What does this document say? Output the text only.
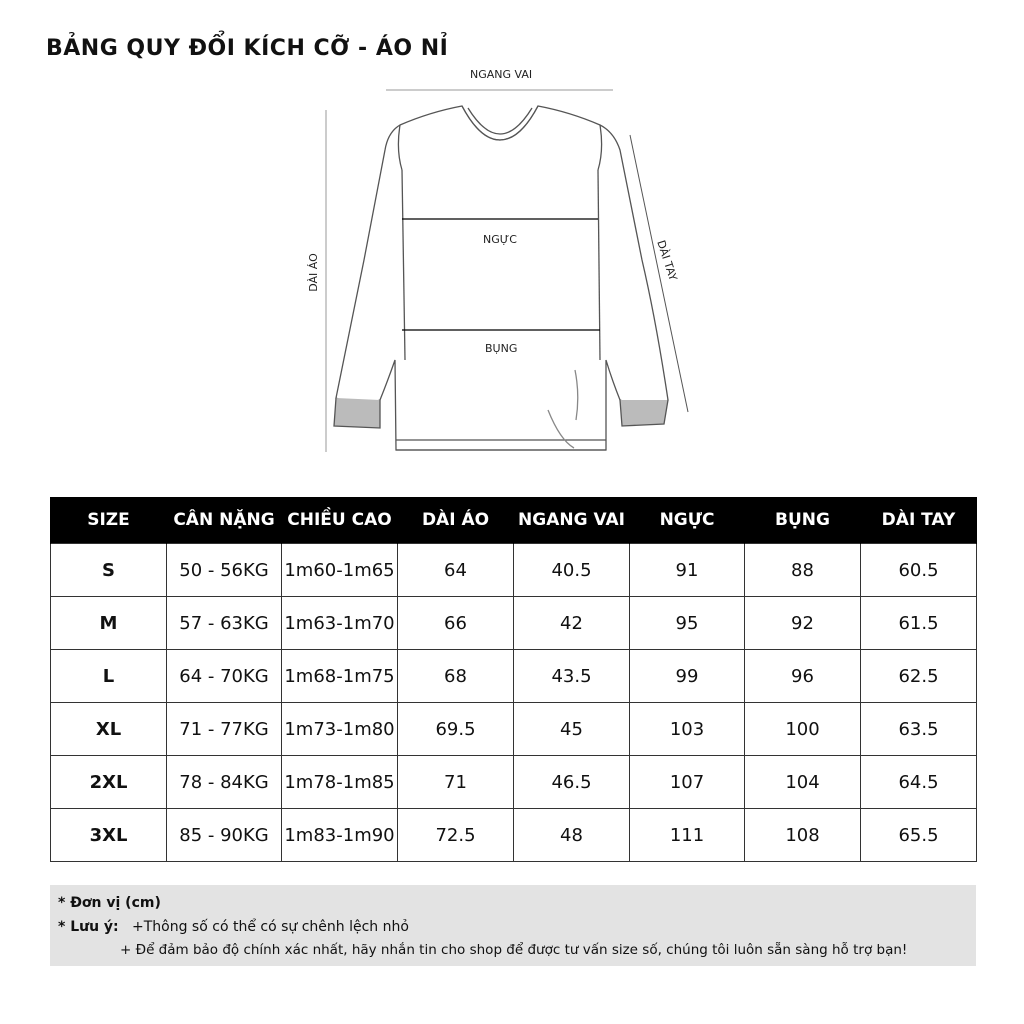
BẢNG QUY ĐỔI KÍCH CỠ - ÁO NỈ
NGANG VAI
DÀI ÁO	DÀI TAY
NGỰC
BỤNG
SIZE	CÂN NẶNG	CHIỀU CAO	DÀI ÁO	NGANG VAI	NGỰC	BỤNG	DÀI TAY
S	50 - 56KG	1m60-1m65	64	40.5	91	88	60.5
M	57 - 63KG	1m63-1m70	66	42	95	92	61.5
L	64 - 70KG	1m68-1m75	68	43.5	99	96	62.5
XL	71 - 77KG	1m73-1m80	69.5	45	103	100	63.5
2XL	78 - 84KG	1m78-1m85	71	46.5	107	104	64.5
3XL	85 - 90KG	1m83-1m90	72.5	48	111	108	65.5
* Đơn vị (cm)
* Lưu ý: +Thông số có thể có sự chênh lệch nhỏ
+ Để đảm bảo độ chính xác nhất, hãy nhắn tin cho shop để được tư vấn size số, chúng tôi luôn sẵn sàng hỗ trợ bạn!
